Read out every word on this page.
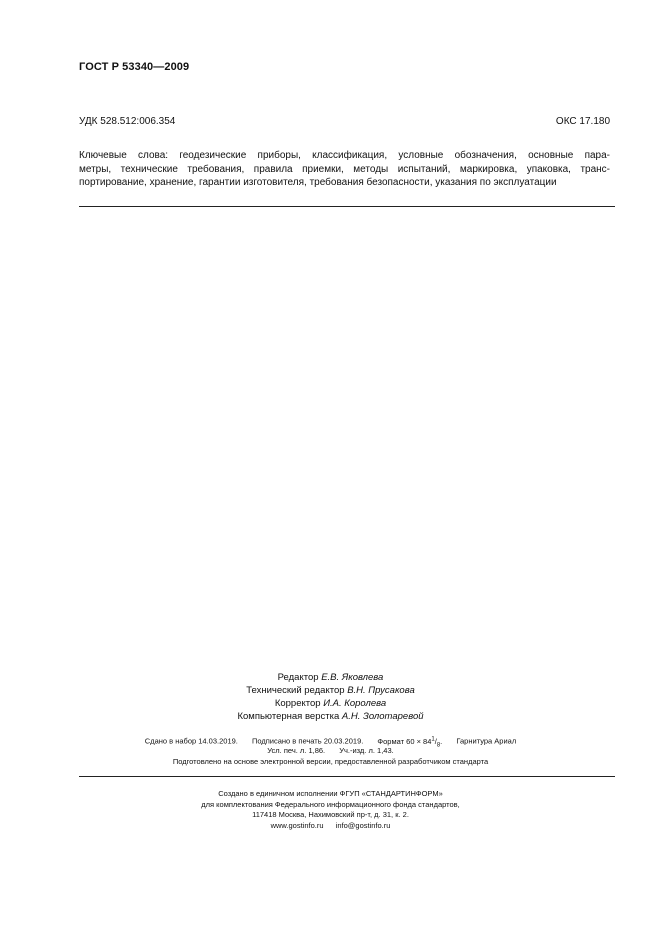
ГОСТ Р 53340—2009
УДК 528.512:006.354	ОКС 17.180
Ключевые слова: геодезические приборы, классификация, условные обозначения, основные пара-
метры, технические требования, правила приемки, методы испытаний, маркировка, упаковка, транс-
портирование, хранение, гарантии изготовителя, требования безопасности, указания по эксплуатации
Редактор Е.В. Яковлева
Технический редактор В.Н. Прусакова
Корректор И.А. Королева
Компьютерная верстка А.Н. Золотаревой
Сдано в набор 14.03.2019. Подписано в печать 20.03.2019. Формат $60 \times 84^1/_8$. Гарнитура Ариал
Усл. печ. л. 1,86. Уч.-изд. л. 1,43.
Подготовлено на основе электронной версии, предоставленной разработчиком стандарта
Создано в единичном исполнении ФГУП «СТАНДАРТИНФОРМ»
для комплектования Федерального информационного фонда стандартов,
117418 Москва, Нахимовский пр-т, д. 31, к. 2.
www.gostinfo.ru info@gostinfo.ru
